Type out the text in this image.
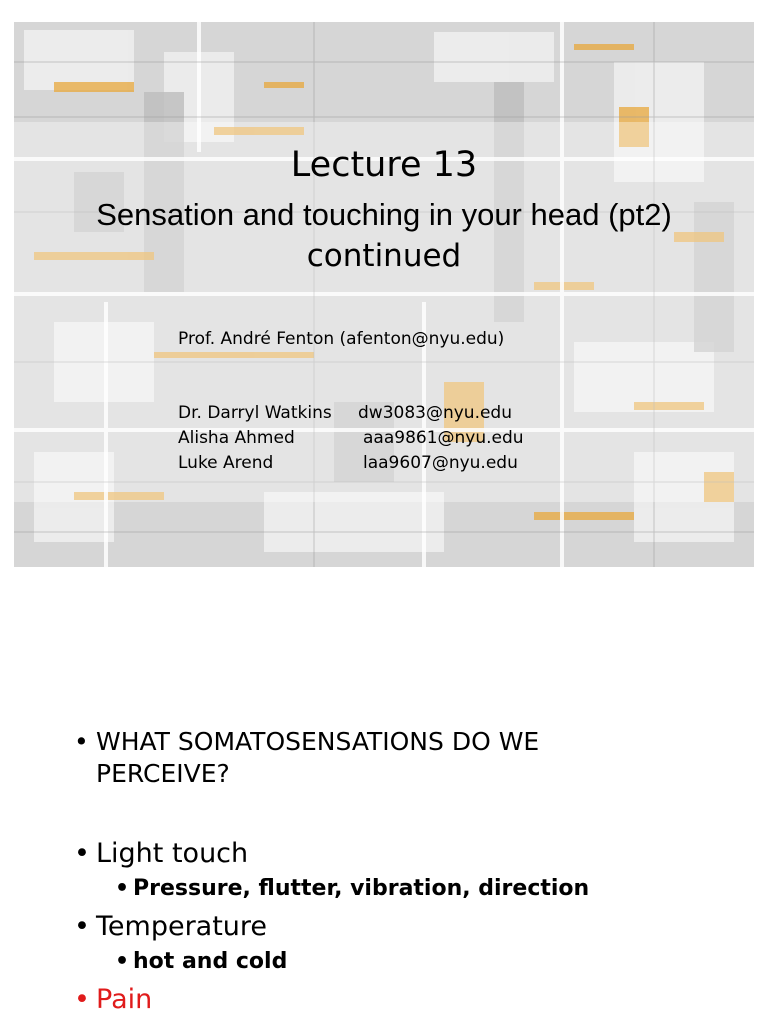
Lecture 13
Sensation and touching in your head (pt2)
continued
Prof. André Fenton (afenton@nyu.edu)
Dr. Darryl Watkins dw3083@nyu.edu
Alisha Ahmed	aaa9861@nyu.edu
Luke Arend	laa9607@nyu.edu
• WHAT SOMATOSENSATIONS DO WE PERCEIVE?
• Light touch
• Pressure, flutter, vibration, direction
• Temperature
• hot and cold
• Pain
